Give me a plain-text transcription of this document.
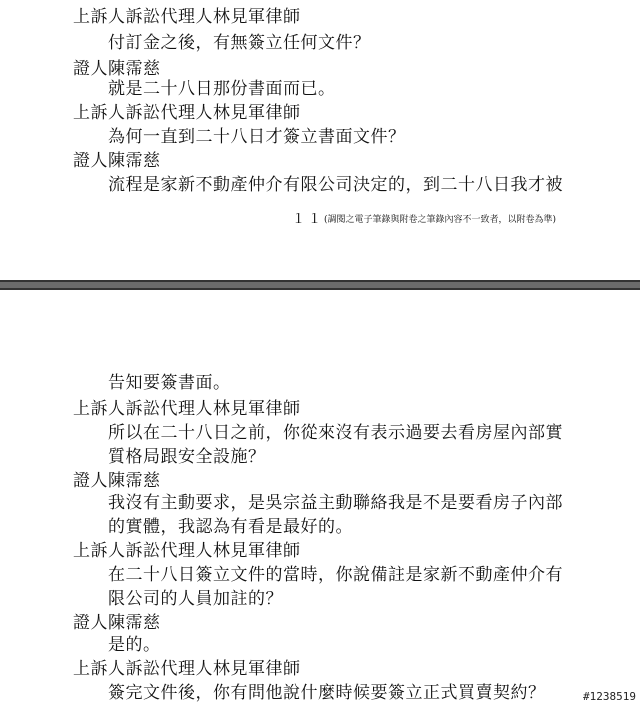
上訴人訴訟代理人林見軍律師
付訂金之後，有無簽立任何文件？
證人陳霈慈
就是二十八日那份書面而已。
上訴人訴訟代理人林見軍律師
為何一直到二十八日才簽立書面文件？
證人陳霈慈
流程是家新不動產仲介有限公司決定的，到二十八日我才被
１１ (調閱之電子筆錄與附卷之筆錄內容不一致者，以附卷為準)
告知要簽書面。
上訴人訴訟代理人林見軍律師
所以在二十八日之前，你從來沒有表示過要去看房屋內部實
質格局跟安全設施？
證人陳霈慈
我沒有主動要求，是吳宗益主動聯絡我是不是要看房子內部
的實體，我認為有看是最好的。
上訴人訴訟代理人林見軍律師
在二十八日簽立文件的當時，你說備註是家新不動產仲介有
限公司的人員加註的？
證人陳霈慈
是的。
上訴人訴訟代理人林見軍律師
簽完文件後，你有問他說什麼時候要簽立正式買賣契約？	#1238519
